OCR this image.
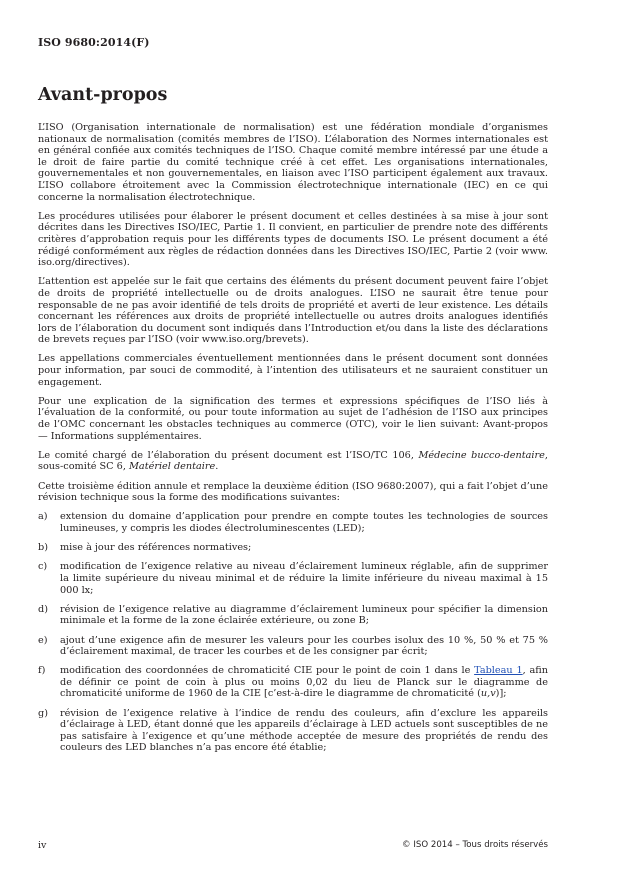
ISO 9680:2014(F)
Avant-propos

L’ISO (Organisation internationale de normalisation) est une fédération mondiale d’organismes nationaux de normalisation (comités membres de l’ISO). L’élaboration des Normes internationales est en général confiée aux comités techniques de l’ISO. Chaque comité membre intéressé par une étude a le droit de faire partie du comité technique créé à cet effet. Les organisations internationales, gouvernementales et non gouvernementales, en liaison avec l’ISO participent également aux travaux. L’ISO collabore étroitement avec la Commission électrotechnique internationale (IEC) en ce qui concerne la normalisation électrotechnique.

Les procédures utilisées pour élaborer le présent document et celles destinées à sa mise à jour sont décrites dans les Directives ISO/IEC, Partie 1. Il convient, en particulier de prendre note des différents critères d’approbation requis pour les différents types de documents ISO. Le présent document a été rédigé conformément aux règles de rédaction données dans les Directives ISO/IEC, Partie 2 (voir www. iso.org/directives).

L’attention est appelée sur le fait que certains des éléments du présent document peuvent faire l’objet de droits de propriété intellectuelle ou de droits analogues. L’ISO ne saurait être tenue pour responsable de ne pas avoir identifié de tels droits de propriété et averti de leur existence. Les détails concernant les références aux droits de propriété intellectuelle ou autres droits analogues identifiés lors de l’élaboration du document sont indiqués dans l’Introduction et/ou dans la liste des déclarations de brevets reçues par l’ISO (voir www.iso.org/brevets).

Les appellations commerciales éventuellement mentionnées dans le présent document sont données pour information, par souci de commodité, à l’intention des utilisateurs et ne sauraient constituer un engagement.

Pour une explication de la signification des termes et expressions spécifiques de l’ISO liés à l’évaluation de la conformité, ou pour toute information au sujet de l’adhésion de l’ISO aux principes de l’OMC concernant les obstacles techniques au commerce (OTC), voir le lien suivant: Avant-propos — Informations supplémentaires.

Le comité chargé de l’élaboration du présent document est l’ISO/TC 106, Médecine bucco-dentaire, sous-comité SC 6, Matériel dentaire.

Cette troisième édition annule et remplace la deuxième édition (ISO 9680:2007), qui a fait l’objet d’une révision technique sous la forme des modifications suivantes:

a) extension du domaine d’application pour prendre en compte toutes les technologies de sources lumineuses, y compris les diodes électroluminescentes (LED);
b) mise à jour des références normatives;
c) modification de l’exigence relative au niveau d’éclairement lumineux réglable, afin de supprimer la limite supérieure du niveau minimal et de réduire la limite inférieure du niveau maximal à 15 000 lx;
d) révision de l’exigence relative au diagramme d’éclairement lumineux pour spécifier la dimension minimale et la forme de la zone éclairée extérieure, ou zone B;
e) ajout d’une exigence afin de mesurer les valeurs pour les courbes isolux des 10 %, 50 % et 75 % d’éclairement maximal, de tracer les courbes et de les consigner par écrit;
f) modification des coordonnées de chromaticité CIE pour le point de coin 1 dans le Tableau 1, afin de définir ce point de coin à plus ou moins 0,02 du lieu de Planck sur le diagramme de chromaticité uniforme de 1960 de la CIE [c’est-à-dire le diagramme de chromaticité (u,v)];
g) révision de l’exigence relative à l’indice de rendu des couleurs, afin d’exclure les appareils d’éclairage à LED, étant donné que les appareils d’éclairage à LED actuels sont susceptibles de ne pas satisfaire à l’exigence et qu’une méthode acceptée de mesure des propriétés de rendu des couleurs des LED blanches n’a pas encore été établie;
iv	© ISO 2014 – Tous droits réservés
